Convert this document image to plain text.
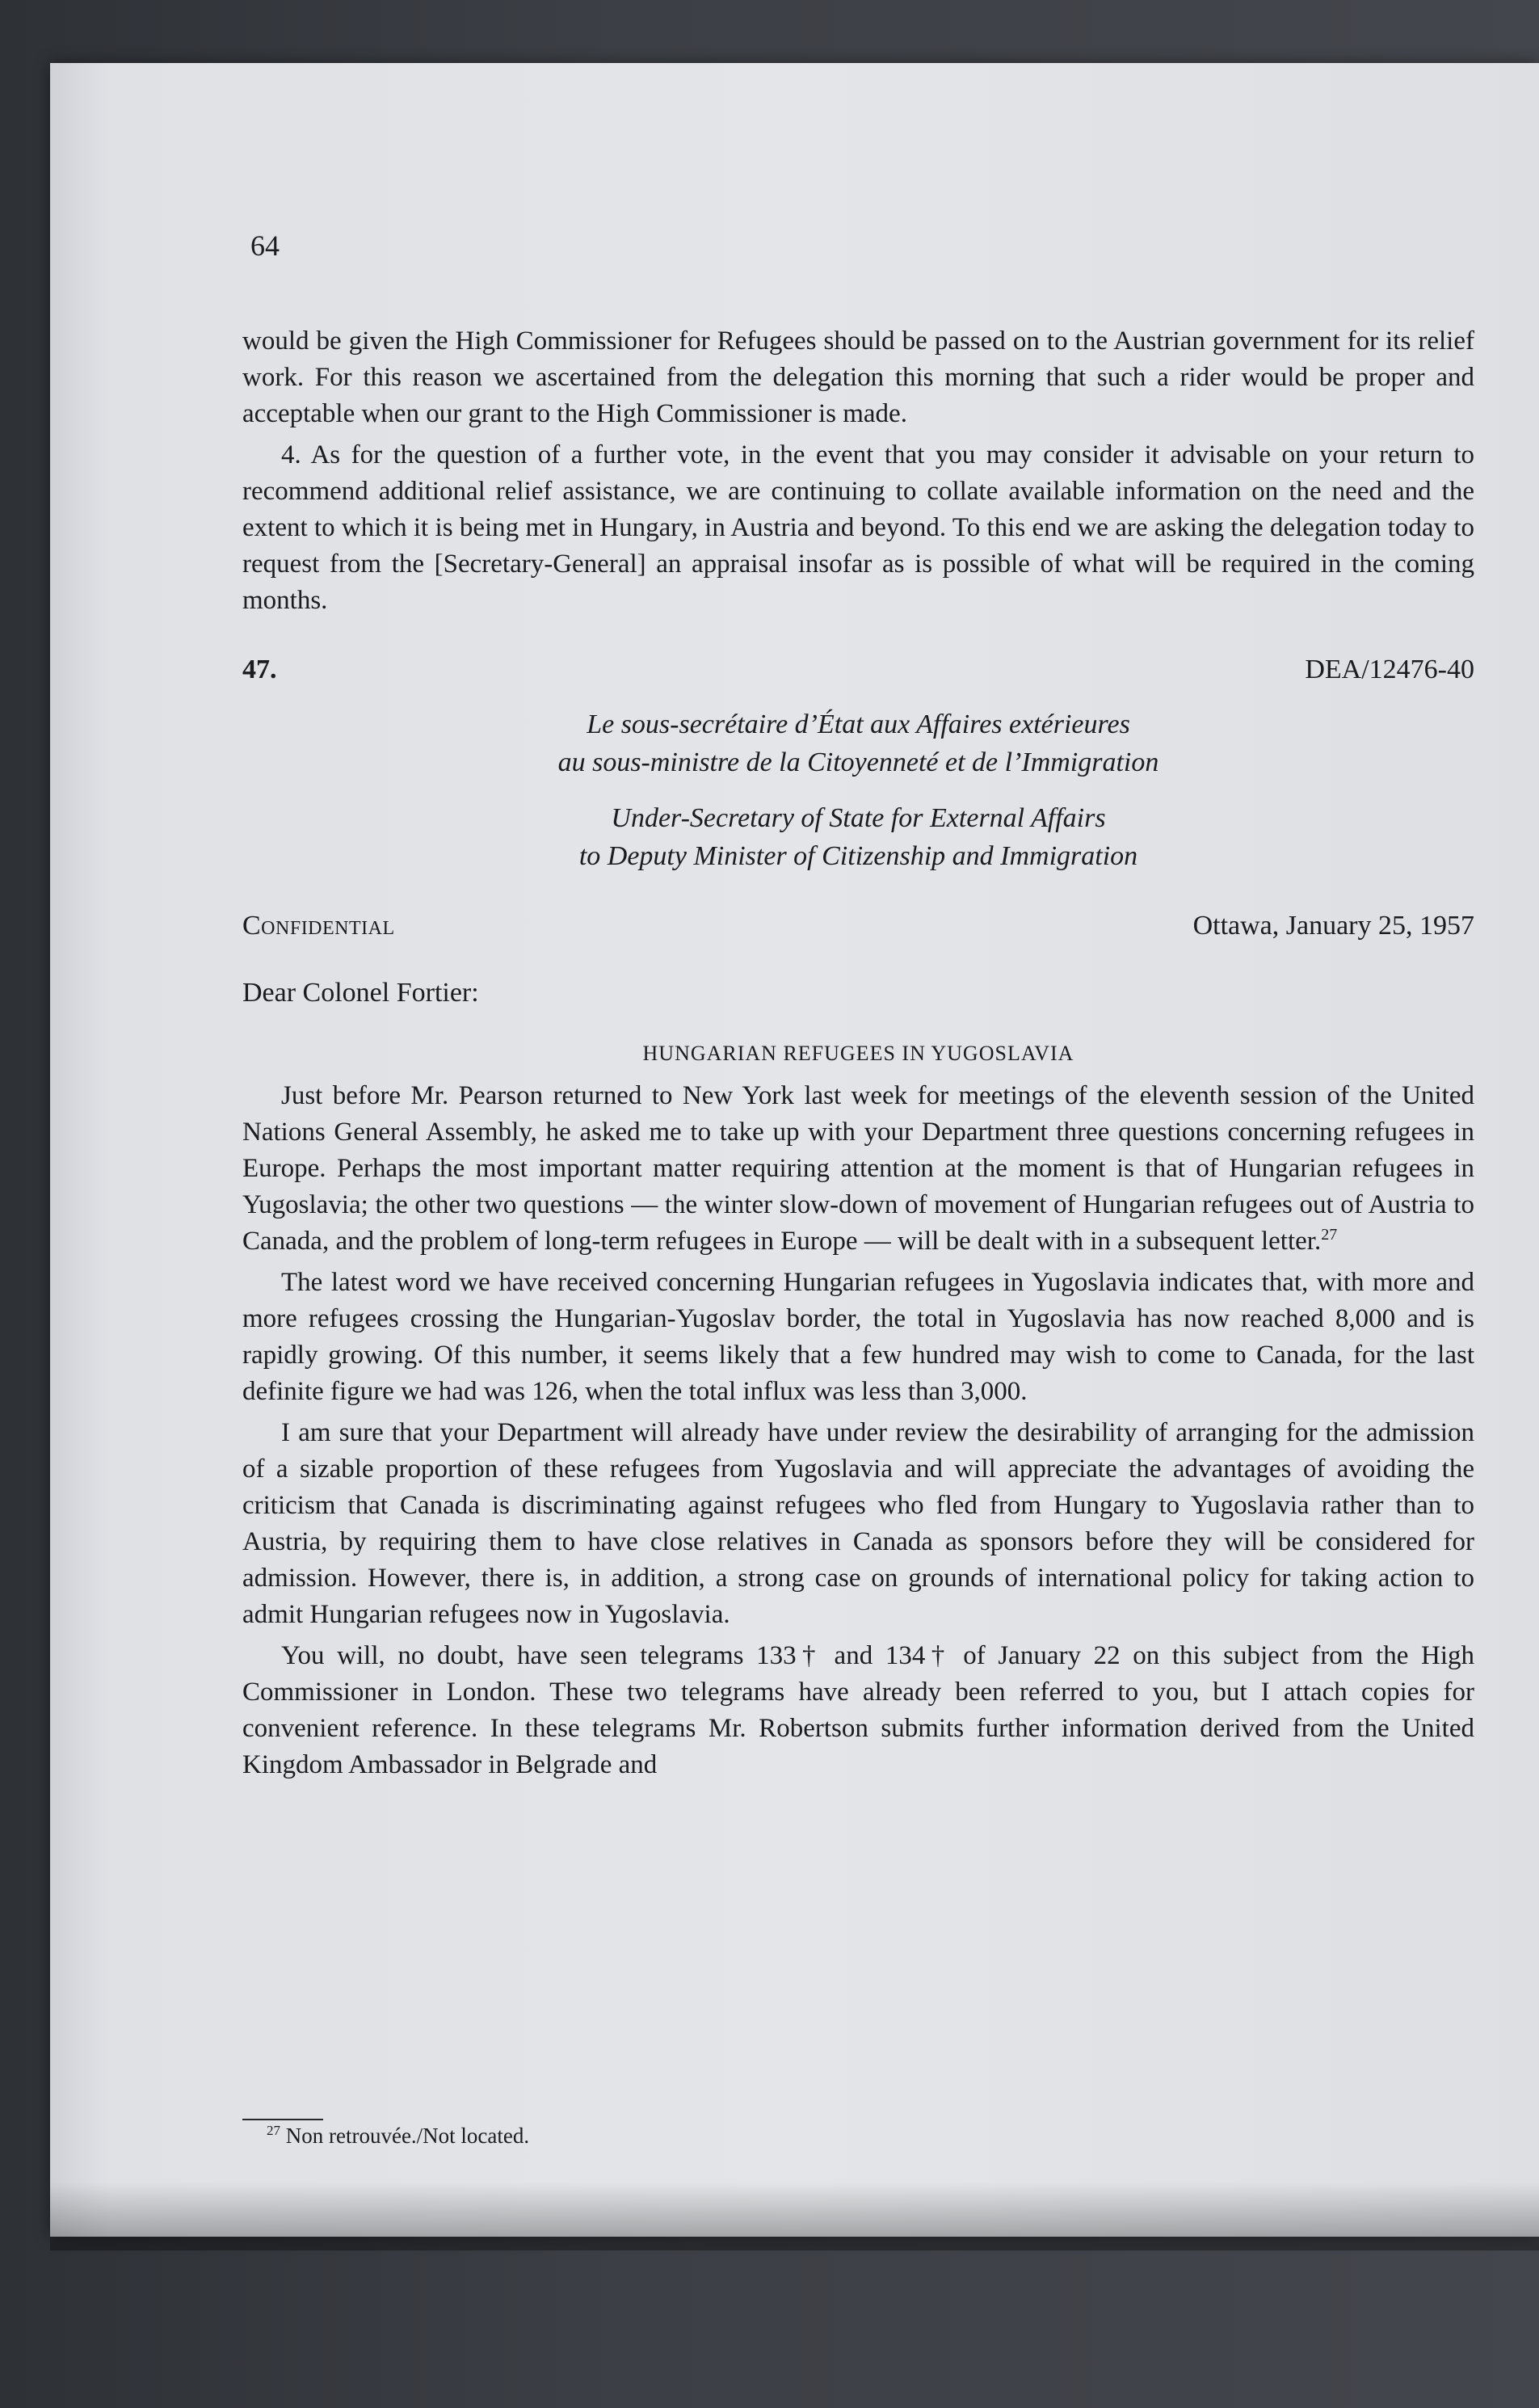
64

would be given the High Commissioner for Refugees should be passed on to the Austrian government for its relief work. For this reason we ascertained from the delegation this morning that such a rider would be proper and acceptable when our grant to the High Commissioner is made.

4. As for the question of a further vote, in the event that you may consider it advisable on your return to recommend additional relief assistance, we are continuing to collate available information on the need and the extent to which it is being met in Hungary, in Austria and beyond. To this end we are asking the delegation today to request from the [Secretary-General] an appraisal insofar as is possible of what will be required in the coming months.

47.	DEA/12476-40
Le sous-secrétaire d’État aux Affaires extérieures
au sous-ministre de la Citoyenneté et de l’Immigration
Under-Secretary of State for External Affairs
to Deputy Minister of Citizenship and Immigration
Confidential	Ottawa, January 25, 1957
Dear Colonel Fortier:
HUNGARIAN REFUGEES IN YUGOSLAVIA

Just before Mr. Pearson returned to New York last week for meetings of the eleventh session of the United Nations General Assembly, he asked me to take up with your Department three questions concerning refugees in Europe. Perhaps the most important matter requiring attention at the moment is that of Hungarian refugees in Yugoslavia; the other two questions — the winter slow-down of movement of Hungarian refugees out of Austria to Canada, and the problem of long-term refugees in Europe — will be dealt with in a subsequent letter.$^{27}$

The latest word we have received concerning Hungarian refugees in Yugoslavia indicates that, with more and more refugees crossing the Hungarian-Yugoslav border, the total in Yugoslavia has now reached 8,000 and is rapidly growing. Of this number, it seems likely that a few hundred may wish to come to Canada, for the last definite figure we had was 126, when the total influx was less than 3,000.

I am sure that your Department will already have under review the desirability of arranging for the admission of a sizable proportion of these refugees from Yugoslavia and will appreciate the advantages of avoiding the criticism that Canada is discriminating against refugees who fled from Hungary to Yugoslavia rather than to Austria, by requiring them to have close relatives in Canada as sponsors before they will be considered for admission. However, there is, in addition, a strong case on grounds of international policy for taking action to admit Hungarian refugees now in Yugoslavia.

You will, no doubt, have seen telegrams 133† and 134† of January 22 on this subject from the High Commissioner in London. These two telegrams have already been referred to you, but I attach copies for convenient reference. In these telegrams Mr. Robertson submits further information derived from the United Kingdom Ambassador in Belgrade and

$^{27}$ Non retrouvée./Not located.
